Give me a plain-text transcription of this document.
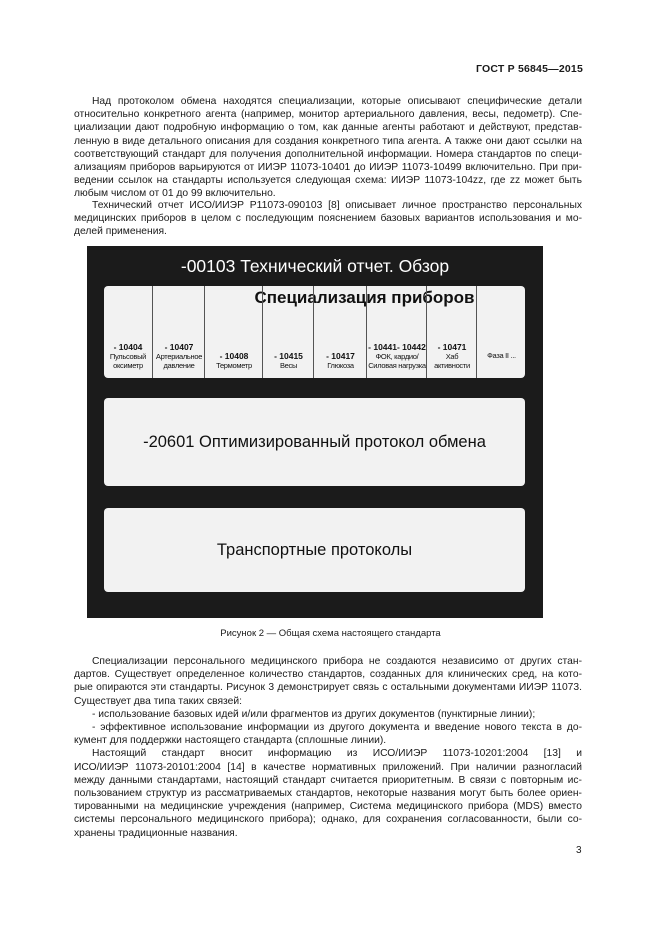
ГОСТ Р 56845—2015
Над протоколом обмена находятся специализации, которые описывают специфические детали
относительно конкретного агента (например, монитор артериального давления, весы, педометр). Спе-
циализации дают подробную информацию о том, как данные агенты работают и действуют, представ-
ленную в виде детального описания для создания конкретного типа агента. А также они дают ссылки на
соответствующий стандарт для получения дополнительной информации. Номера стандартов по специ-
ализациям приборов варьируются от ИИЭР 11073-10401 до ИИЭР 11073-10499 включительно. При при-
ведении ссылок на стандарты используется следующая схема: ИИЭР 11073-104zz, где zz может быть
любым числом от 01 до 99 включительно.
Технический отчет ИСО/ИИЭР Р11073-090103 [8] описывает личное пространство персональных
медицинских приборов в целом с последующим пояснением базовых вариантов использования и мо-
делей применения.
-00103 Технический отчет. Обзор
Специализация приборов
- 10404
Пульсовый оксиметр
- 10407
Артериальное давление
- 10408
Термометр
- 10415
Весы
- 10417
Глюкоза
- 10441- 10442
ФОК, кардио/ Силовая нагрузка
- 10471
Хаб активности
Фаза II ...
-20601 Оптимизированный протокол обмена
Транспортные протоколы
Рисунок 2 — Общая схема настоящего стандарта
Специализации персонального медицинского прибора не создаются независимо от других стан-
дартов. Существует определенное количество стандартов, созданных для клинических сред, на кото-
рые опираются эти стандарты. Рисунок 3 демонстрирует связь с остальными документами ИИЭР 11073.
Существует два типа таких связей:
- использование базовых идей и/или фрагментов из других документов (пунктирные линии);
- эффективное использование информации из другого документа и введение нового текста в до-
кумент для поддержки настоящего стандарта (сплошные линии).
Настоящий стандарт вносит информацию из ИСО/ИИЭР 11073-10201:2004 [13] и
ИСО/ИИЭР 11073-20101:2004 [14] в качестве нормативных приложений. При наличии разногласий
между данными стандартами, настоящий стандарт считается приоритетным. В связи с повторным ис-
пользованием структур из рассматриваемых стандартов, некоторые названия могут быть более ориен-
тированными на медицинские учреждения (например, Система медицинского прибора (MDS) вместо
системы персонального медицинского прибора); однако, для сохранения согласованности, были со-
хранены традиционные названия.
3
